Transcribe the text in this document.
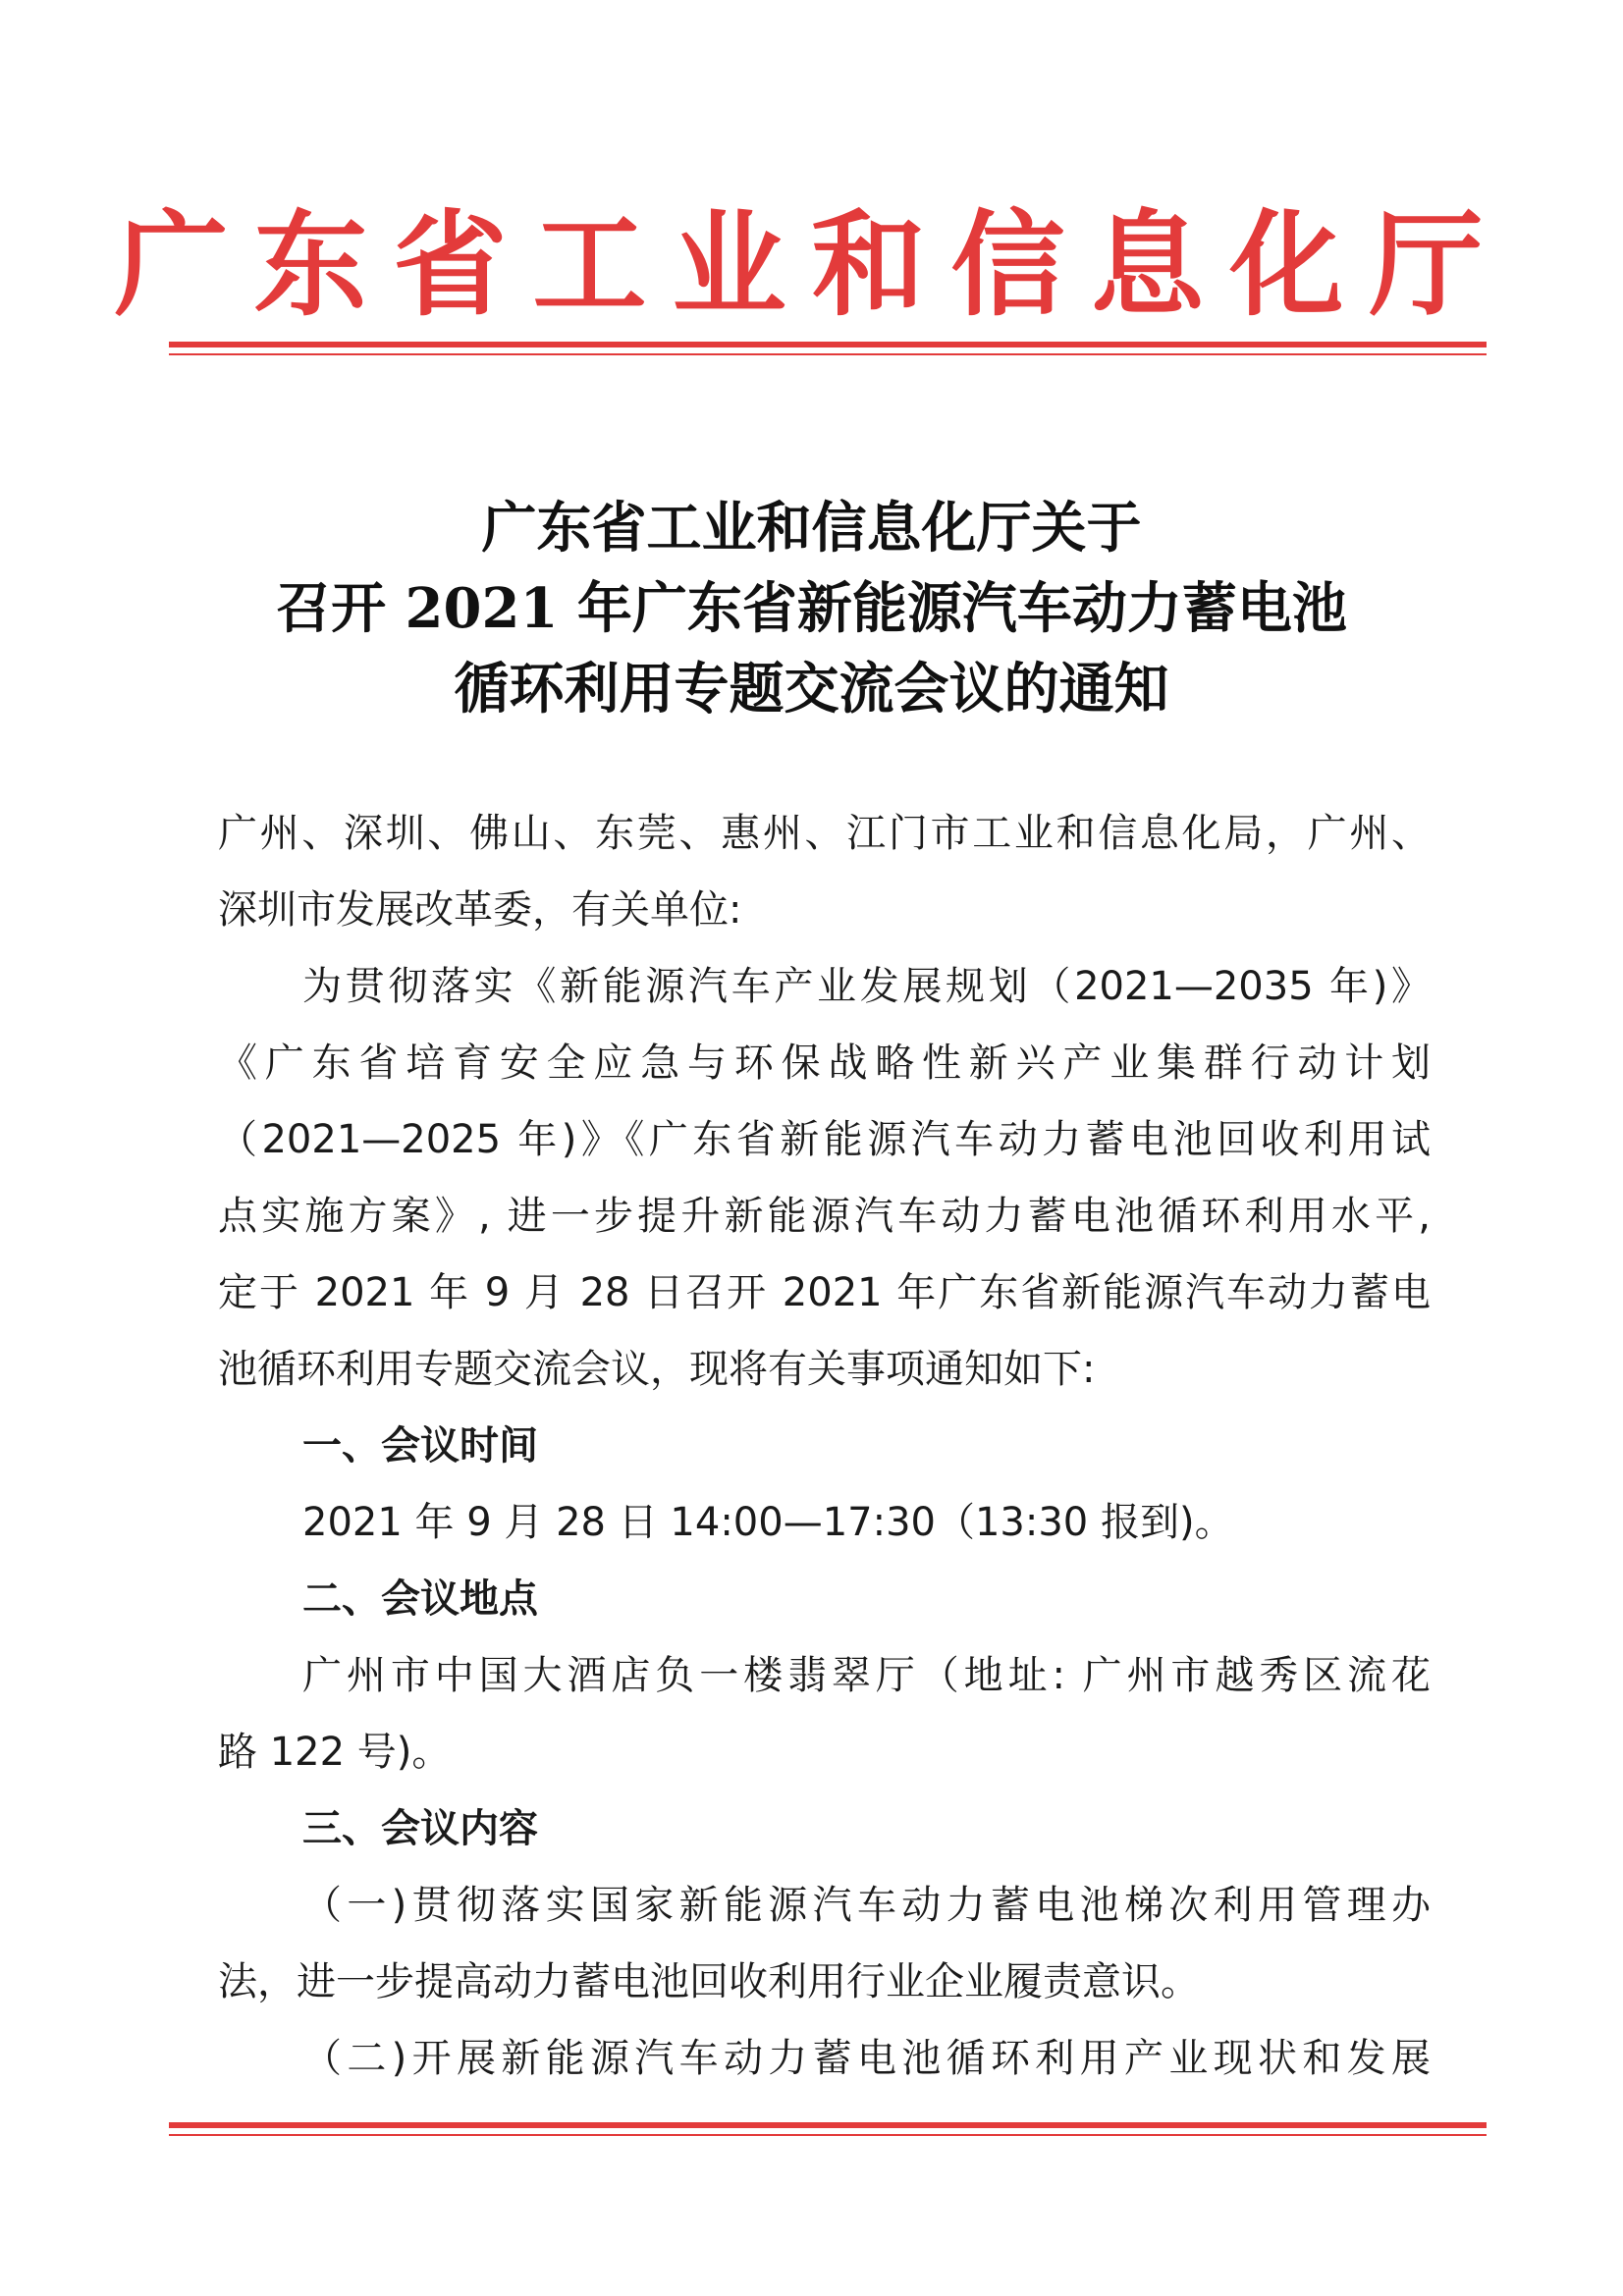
广东省工业和信息化厅
广东省工业和信息化厅关于
召开 2021 年广东省新能源汽车动力蓄电池
循环利用专题交流会议的通知
广州、深圳、佛山、东莞、惠州、江门市工业和信息化局，广州、
深圳市发展改革委，有关单位:
为贯彻落实《新能源汽车产业发展规划（2021—2035 年)》
《广东省培育安全应急与环保战略性新兴产业集群行动计划
（2021—2025 年)》《广东省新能源汽车动力蓄电池回收利用试
点实施方案》, 进一步提升新能源汽车动力蓄电池循环利用水平,
定于 2021 年 9 月 28 日召开 2021 年广东省新能源汽车动力蓄电
池循环利用专题交流会议，现将有关事项通知如下:
一、会议时间
2021 年 9 月 28 日 14:00—17:30（13:30 报到)。
二、会议地点
广州市中国大酒店负一楼翡翠厅（地址: 广州市越秀区流花
路 122 号)。
三、会议内容
（一)贯彻落实国家新能源汽车动力蓄电池梯次利用管理办
法，进一步提高动力蓄电池回收利用行业企业履责意识。
（二)开展新能源汽车动力蓄电池循环利用产业现状和发展
